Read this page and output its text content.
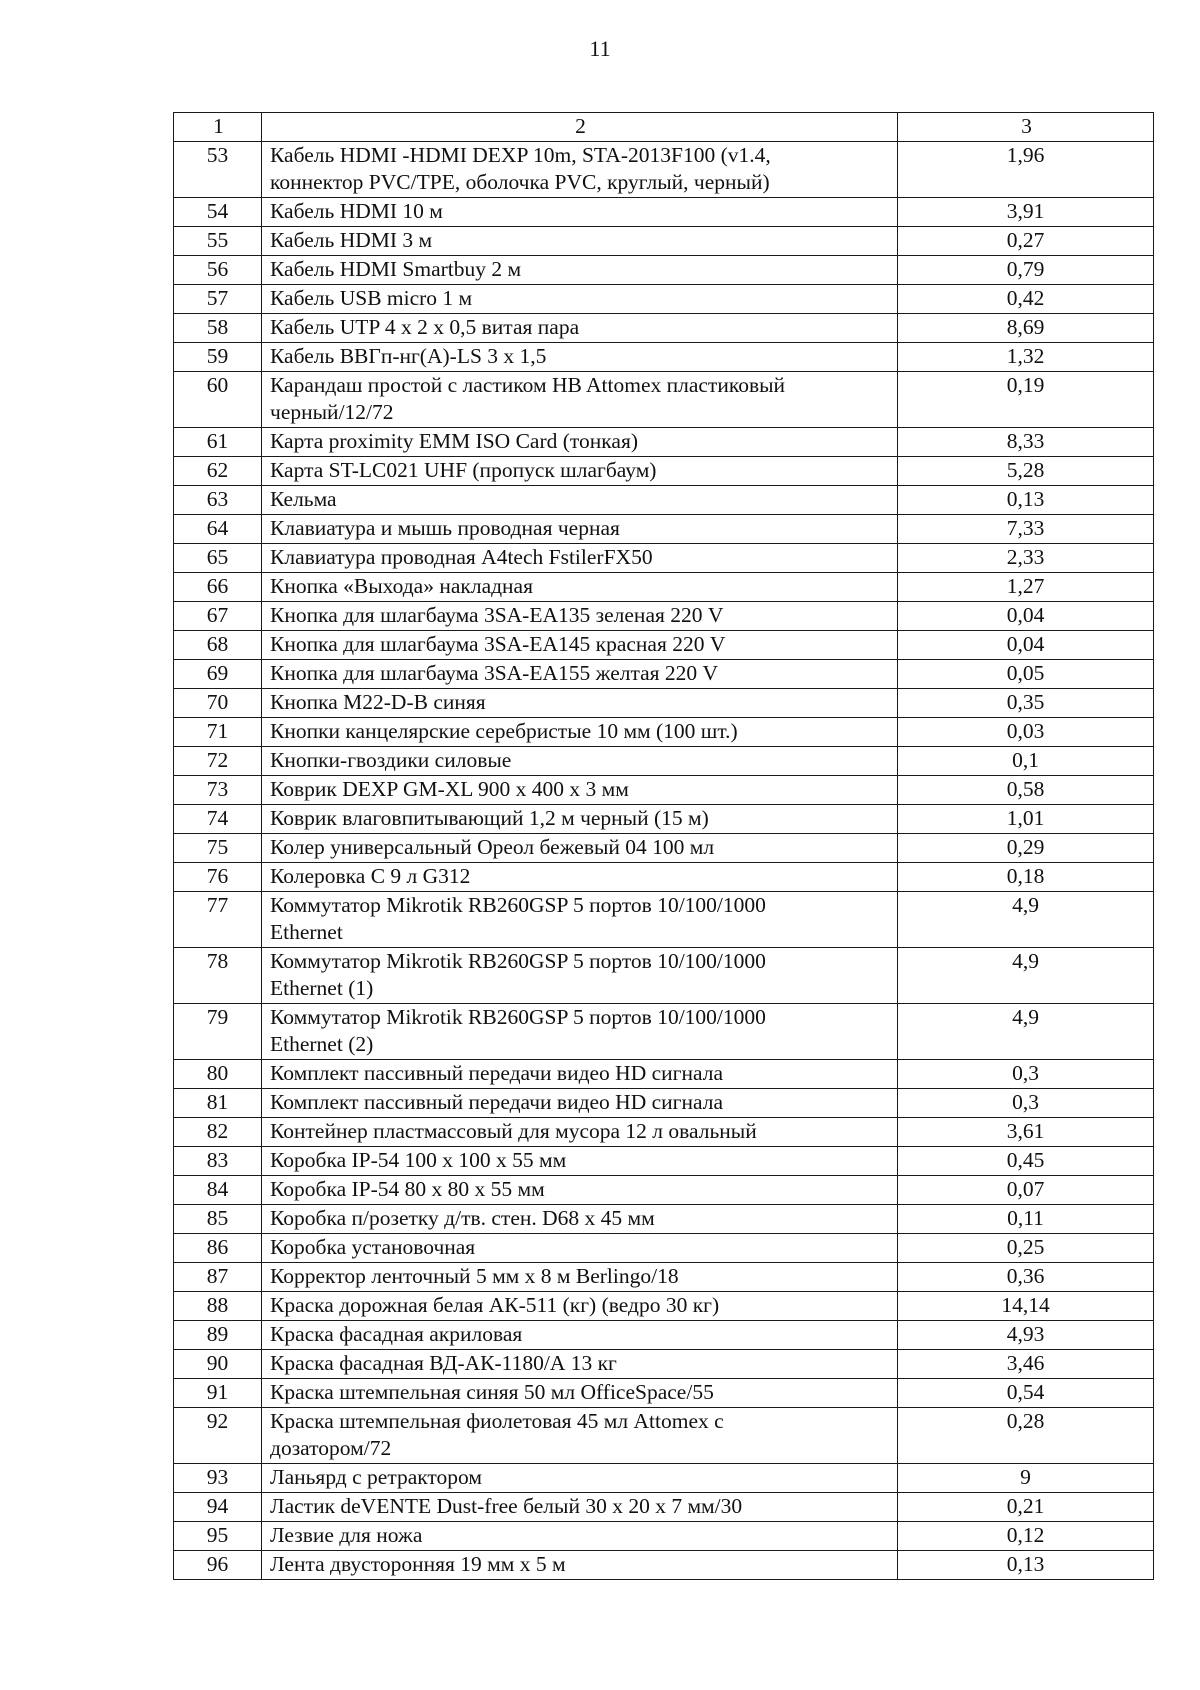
11
1	2	3
53	Кабель HDMI -HDMI DEXP 10m, STA-2013F100 (v1.4,
коннектор PVC/TPE, оболочка PVC, круглый, черный)	1,96
54	Кабель HDMI 10 м	3,91
55	Кабель HDMI 3 м	0,27
56	Кабель HDMI Smartbuy 2 м	0,79
57	Кабель USB micro 1 м	0,42
58	Кабель UTP 4 x 2 x 0,5 витая пара	8,69
59	Кабель ВВГп-нг(А)-LS 3 x 1,5	1,32
60	Карандаш простой с ластиком HB Attomex пластиковый
черный/12/72	0,19
61	Карта proximity EMM ISO Card (тонкая)	8,33
62	Карта ST-LC021 UHF (пропуск шлагбаум)	5,28
63	Кельма	0,13
64	Клавиатура и мышь проводная черная	7,33
65	Клавиатура проводная A4tech FstilerFX50	2,33
66	Кнопка «Выхода» накладная	1,27
67	Кнопка для шлагбаума 3SA-EA135 зеленая 220 V	0,04
68	Кнопка для шлагбаума 3SA-EA145 красная 220 V	0,04
69	Кнопка для шлагбаума 3SA-EA155 желтая 220 V	0,05
70	Кнопка M22-D-B синяя	0,35
71	Кнопки канцелярские серебристые 10 мм (100 шт.)	0,03
72	Кнопки-гвоздики силовые	0,1
73	Коврик DEXP GM-XL 900 x 400 x 3 мм	0,58
74	Коврик влаговпитывающий 1,2 м черный (15 м)	1,01
75	Колер универсальный Ореол бежевый 04 100 мл	0,29
76	Колеровка С 9 л G312	0,18
77	Коммутатор Mikrotik RB260GSP 5 портов 10/100/1000
Ethernet	4,9
78	Коммутатор Mikrotik RB260GSP 5 портов 10/100/1000
Ethernet (1)	4,9
79	Коммутатор Mikrotik RB260GSP 5 портов 10/100/1000
Ethernet (2)	4,9
80	Комплект пассивный передачи видео HD сигнала	0,3
81	Комплект пассивный передачи видео HD сигнала	0,3
82	Контейнер пластмассовый для мусора 12 л овальный	3,61
83	Коробка IP-54 100 x 100 x 55 мм	0,45
84	Коробка IP-54 80 x 80 x 55 мм	0,07
85	Коробка п/розетку д/тв. стен. D68 x 45 мм	0,11
86	Коробка установочная	0,25
87	Корректор ленточный 5 мм x 8 м Berlingo/18	0,36
88	Краска дорожная белая АК-511 (кг) (ведро 30 кг)	14,14
89	Краска фасадная акриловая	4,93
90	Краска фасадная ВД-АК-1180/А 13 кг	3,46
91	Краска штемпельная синяя 50 мл OfficeSpace/55	0,54
92	Краска штемпельная фиолетовая 45 мл Attomex с
дозатором/72	0,28
93	Ланьярд с ретрактором	9
94	Ластик deVENTE Dust-free белый 30 x 20 x 7 мм/30	0,21
95	Лезвие для ножа	0,12
96	Лента двусторонняя 19 мм x 5 м	0,13
